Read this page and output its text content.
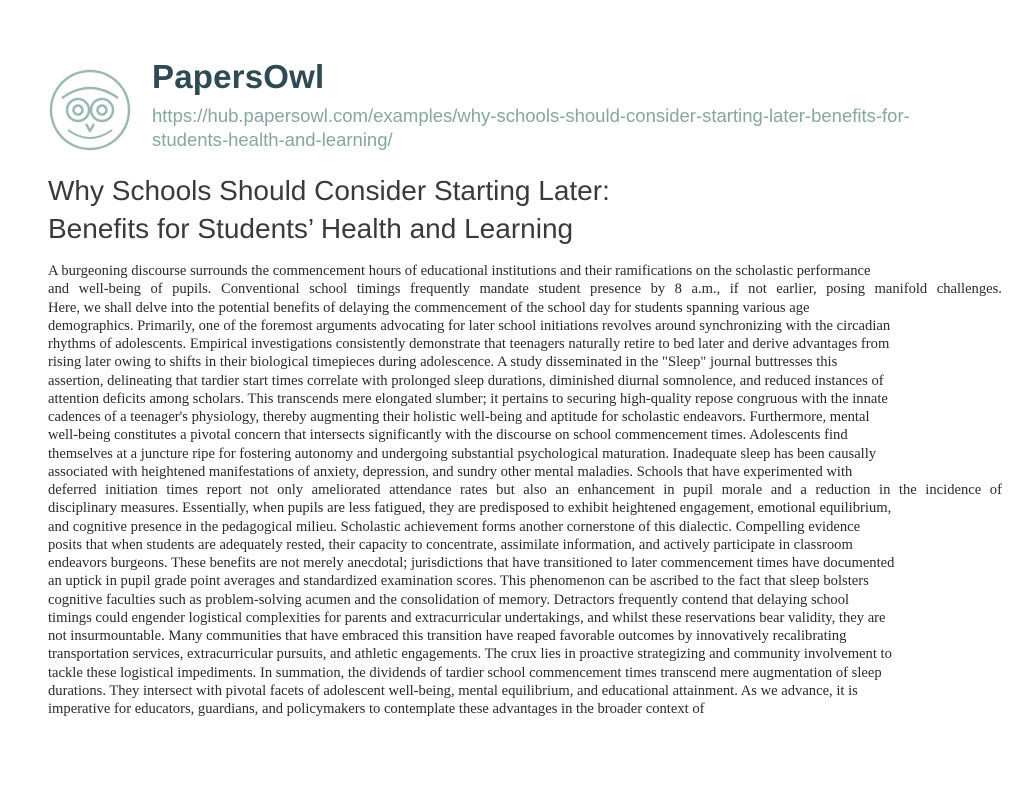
PapersOwl
https://hub.papersowl.com/examples/why-schools-should-consider-starting-later-benefits-for-
students-health-and-learning/
Why Schools Should Consider Starting Later:
Benefits for Students’ Health and Learning
A burgeoning discourse surrounds the commencement hours of educational institutions and their ramifications on the scholastic performance
and well-being of pupils. Conventional school timings frequently mandate student presence by 8 a.m., if not earlier, posing manifold challenges.
Here, we shall delve into the potential benefits of delaying the commencement of the school day for students spanning various age
demographics. Primarily, one of the foremost arguments advocating for later school initiations revolves around synchronizing with the circadian
rhythms of adolescents. Empirical investigations consistently demonstrate that teenagers naturally retire to bed later and derive advantages from
rising later owing to shifts in their biological timepieces during adolescence. A study disseminated in the "Sleep" journal buttresses this
assertion, delineating that tardier start times correlate with prolonged sleep durations, diminished diurnal somnolence, and reduced instances of
attention deficits among scholars. This transcends mere elongated slumber; it pertains to securing high-quality repose congruous with the innate
cadences of a teenager's physiology, thereby augmenting their holistic well-being and aptitude for scholastic endeavors. Furthermore, mental
well-being constitutes a pivotal concern that intersects significantly with the discourse on school commencement times. Adolescents find
themselves at a juncture ripe for fostering autonomy and undergoing substantial psychological maturation. Inadequate sleep has been causally
associated with heightened manifestations of anxiety, depression, and sundry other mental maladies. Schools that have experimented with
deferred initiation times report not only ameliorated attendance rates but also an enhancement in pupil morale and a reduction in the incidence of
disciplinary measures. Essentially, when pupils are less fatigued, they are predisposed to exhibit heightened engagement, emotional equilibrium,
and cognitive presence in the pedagogical milieu. Scholastic achievement forms another cornerstone of this dialectic. Compelling evidence
posits that when students are adequately rested, their capacity to concentrate, assimilate information, and actively participate in classroom
endeavors burgeons. These benefits are not merely anecdotal; jurisdictions that have transitioned to later commencement times have documented
an uptick in pupil grade point averages and standardized examination scores. This phenomenon can be ascribed to the fact that sleep bolsters
cognitive faculties such as problem-solving acumen and the consolidation of memory. Detractors frequently contend that delaying school
timings could engender logistical complexities for parents and extracurricular undertakings, and whilst these reservations bear validity, they are
not insurmountable. Many communities that have embraced this transition have reaped favorable outcomes by innovatively recalibrating
transportation services, extracurricular pursuits, and athletic engagements. The crux lies in proactive strategizing and community involvement to
tackle these logistical impediments. In summation, the dividends of tardier school commencement times transcend mere augmentation of sleep
durations. They intersect with pivotal facets of adolescent well-being, mental equilibrium, and educational attainment. As we advance, it is
imperative for educators, guardians, and policymakers to contemplate these advantages in the broader context of
